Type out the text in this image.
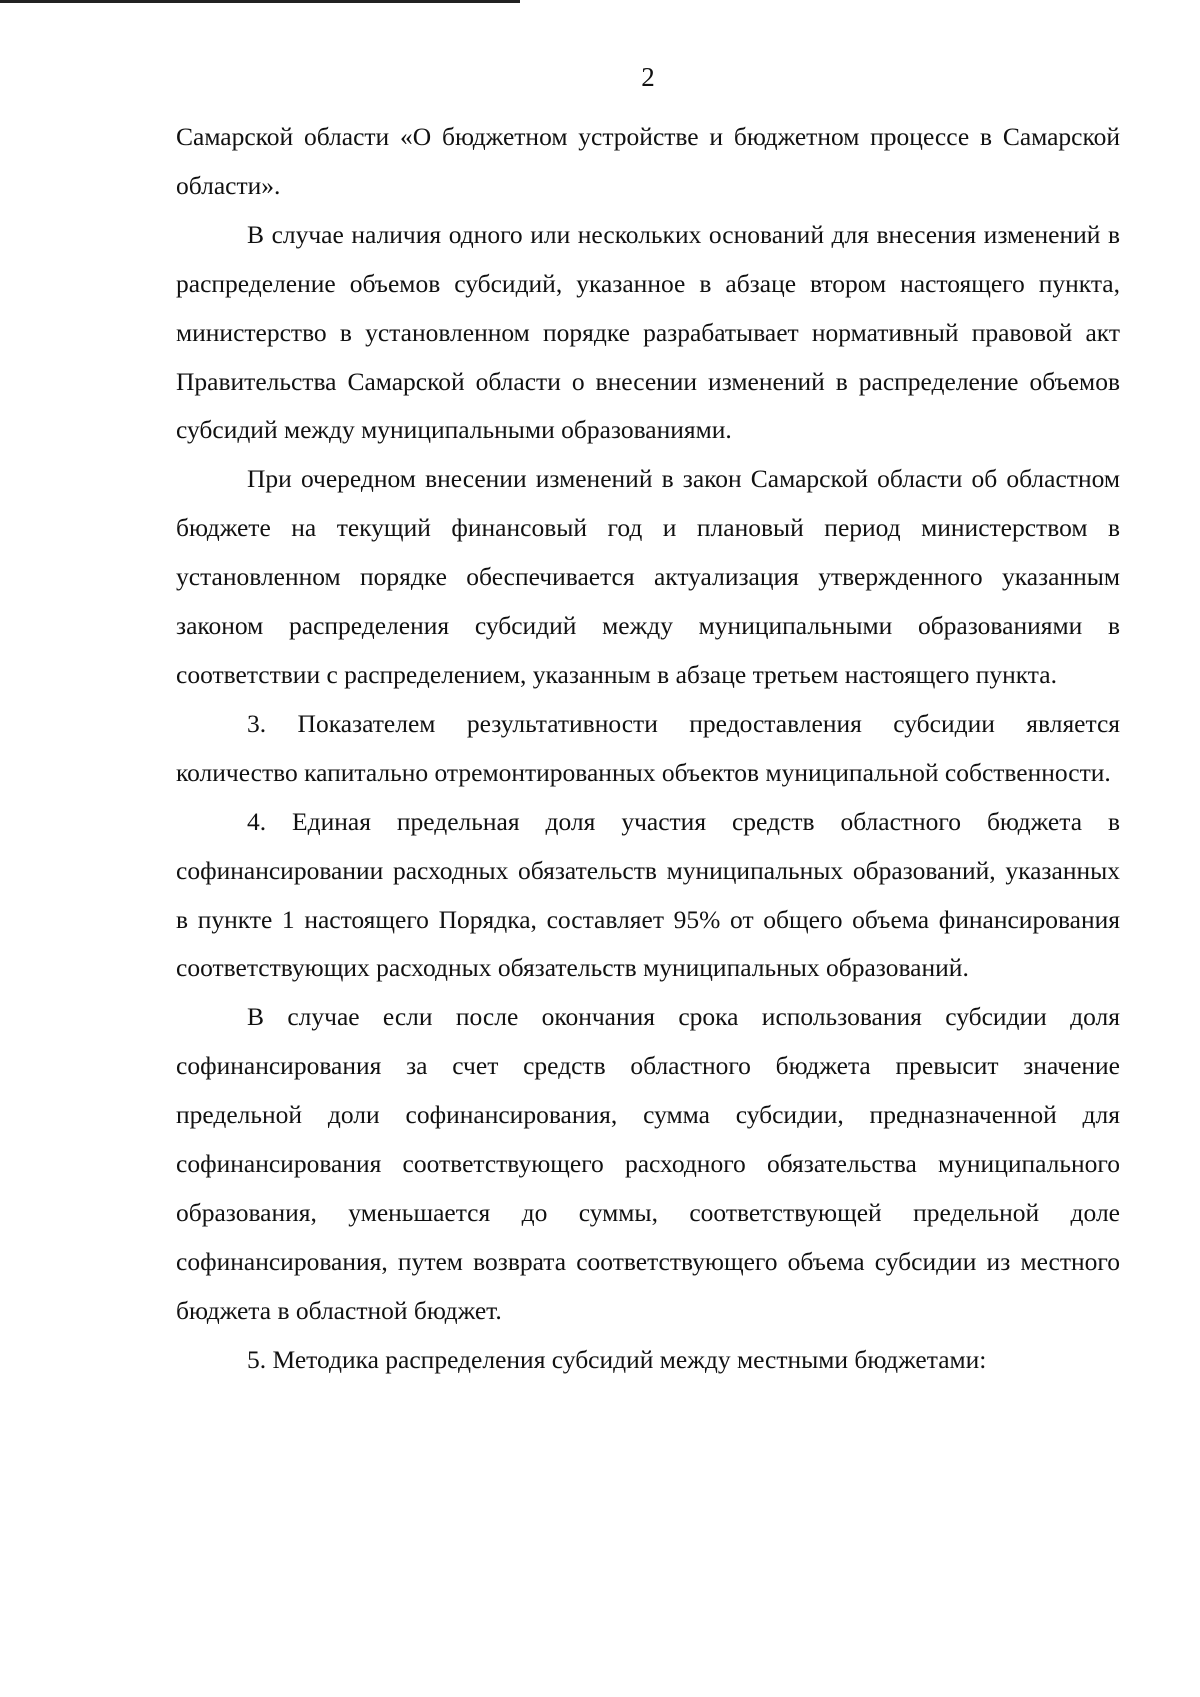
2

Самарской области «О бюджетном устройстве и бюджетном процессе в Самарской области».

В случае наличия одного или нескольких оснований для внесения изменений в распределение объемов субсидий, указанное в абзаце втором настоящего пункта, министерство в установленном порядке разрабатывает нормативный правовой акт Правительства Самарской области о внесении изменений в распределение объемов субсидий между муниципальными образованиями.

При очередном внесении изменений в закон Самарской области об областном бюджете на текущий финансовый год и плановый период министерством в установленном порядке обеспечивается актуализация утвержденного указанным законом распределения субсидий между муниципальными образованиями в соответствии с распределением, указанным в абзаце третьем настоящего пункта.

3. Показателем результативности предоставления субсидии является количество капитально отремонтированных объектов муниципальной собственности.

4. Единая предельная доля участия средств областного бюджета в софинансировании расходных обязательств муниципальных образований, указанных в пункте 1 настоящего Порядка, составляет 95% от общего объема финансирования соответствующих расходных обязательств муниципальных образований.

В случае если после окончания срока использования субсидии доля софинансирования за счет средств областного бюджета превысит значение предельной доли софинансирования, сумма субсидии, предназначенной для софинансирования соответствующего расходного обязательства муниципального образования, уменьшается до суммы, соответствующей предельной доле софинансирования, путем возврата соответствующего объема субсидии из местного бюджета в областной бюджет.

5. Методика распределения субсидий между местными бюджетами:
